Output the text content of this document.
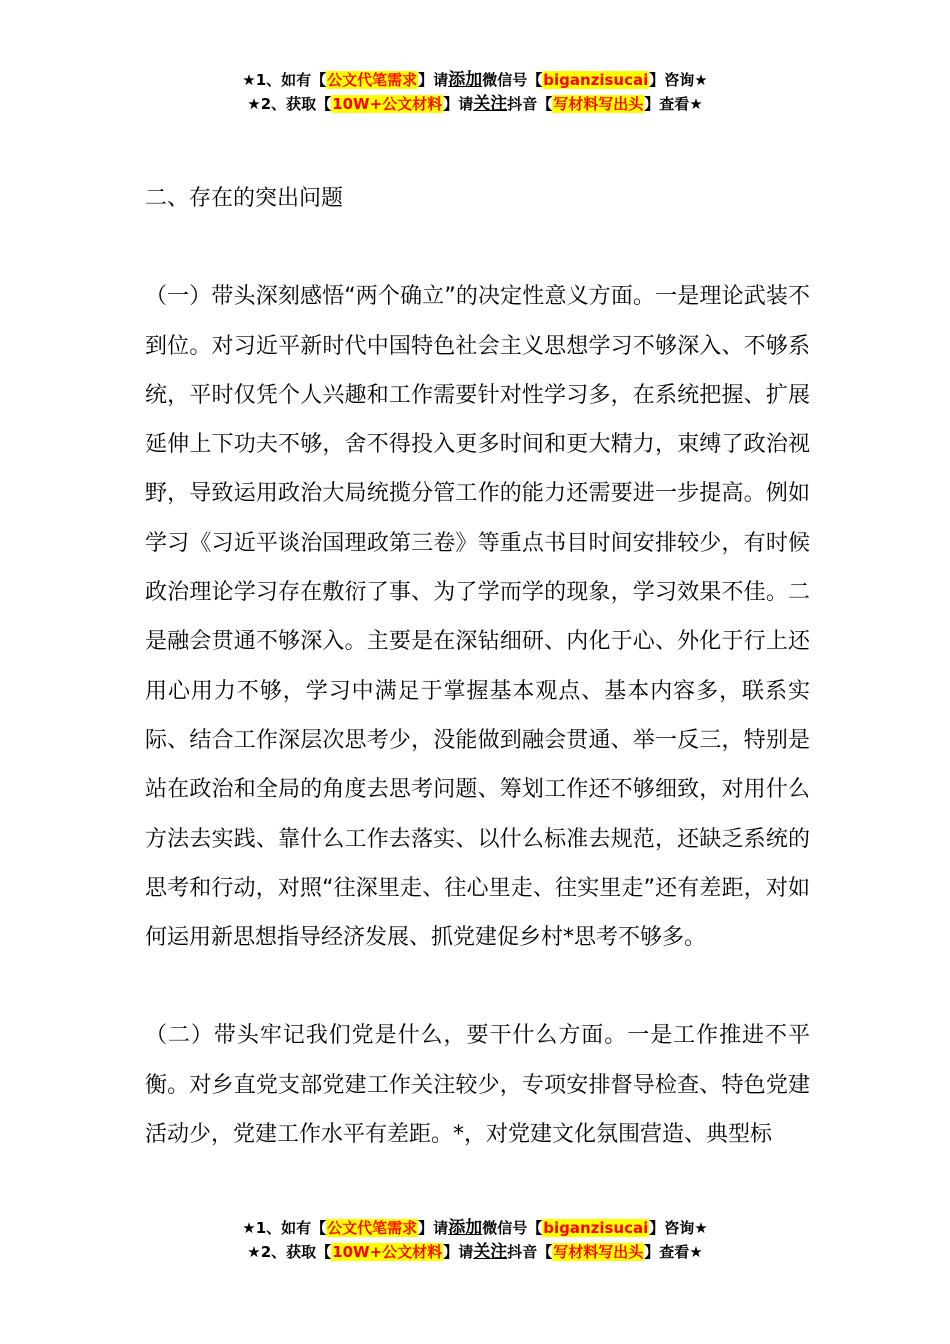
★1、如有【公文代笔需求】请添加微信号【biganzisucai】咨询★
★2、获取【10W+公文材料】请关注抖音【写材料写出头】查看★

二、存在的突出问题

（一）带头深刻感悟“两个确立”的决定性意义方面。一是理论武装不到位。对习近平新时代中国特色社会主义思想学习不够深入、不够系统，平时仅凭个人兴趣和工作需要针对性学习多，在系统把握、扩展延伸上下功夫不够，舍不得投入更多时间和更大精力，束缚了政治视野，导致运用政治大局统揽分管工作的能力还需要进一步提高。例如学习《习近平谈治国理政第三卷》等重点书目时间安排较少，有时候政治理论学习存在敷衍了事、为了学而学的现象，学习效果不佳。二是融会贯通不够深入。主要是在深钻细研、内化于心、外化于行上还用心用力不够，学习中满足于掌握基本观点、基本内容多，联系实际、结合工作深层次思考少，没能做到融会贯通、举一反三，特别是站在政治和全局的角度去思考问题、筹划工作还不够细致，对用什么方法去实践、靠什么工作去落实、以什么标准去规范，还缺乏系统的思考和行动，对照“往深里走、往心里走、往实里走”还有差距，对如何运用新思想指导经济发展、抓党建促乡村*思考不够多。

（二）带头牢记我们党是什么，要干什么方面。一是工作推进不平衡。对乡直党支部党建工作关注较少，专项安排督导检查、特色党建活动少，党建工作水平有差距。*，对党建文化氛围营造、典型标

★1、如有【公文代笔需求】请添加微信号【biganzisucai】咨询★
★2、获取【10W+公文材料】请关注抖音【写材料写出头】查看★
